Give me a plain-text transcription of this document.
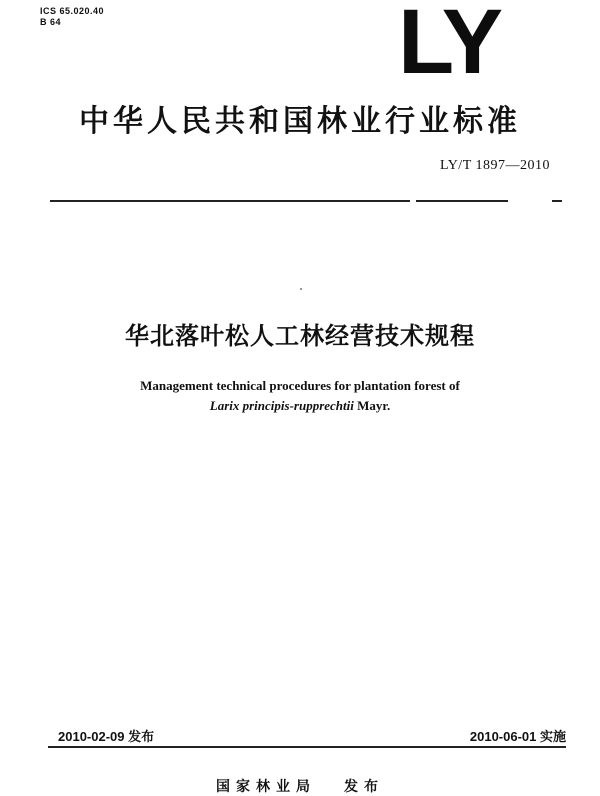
ICS 65.020.40
B 64	LY
中华人民共和国林业行业标准
LY/T 1897—2010
华北落叶松人工林经营技术规程
Management technical procedures for plantation forest of
Larix principis-rupprechtii Mayr.
2010-02-09 发布	2010-06-01 实施
国家林业局 发布
